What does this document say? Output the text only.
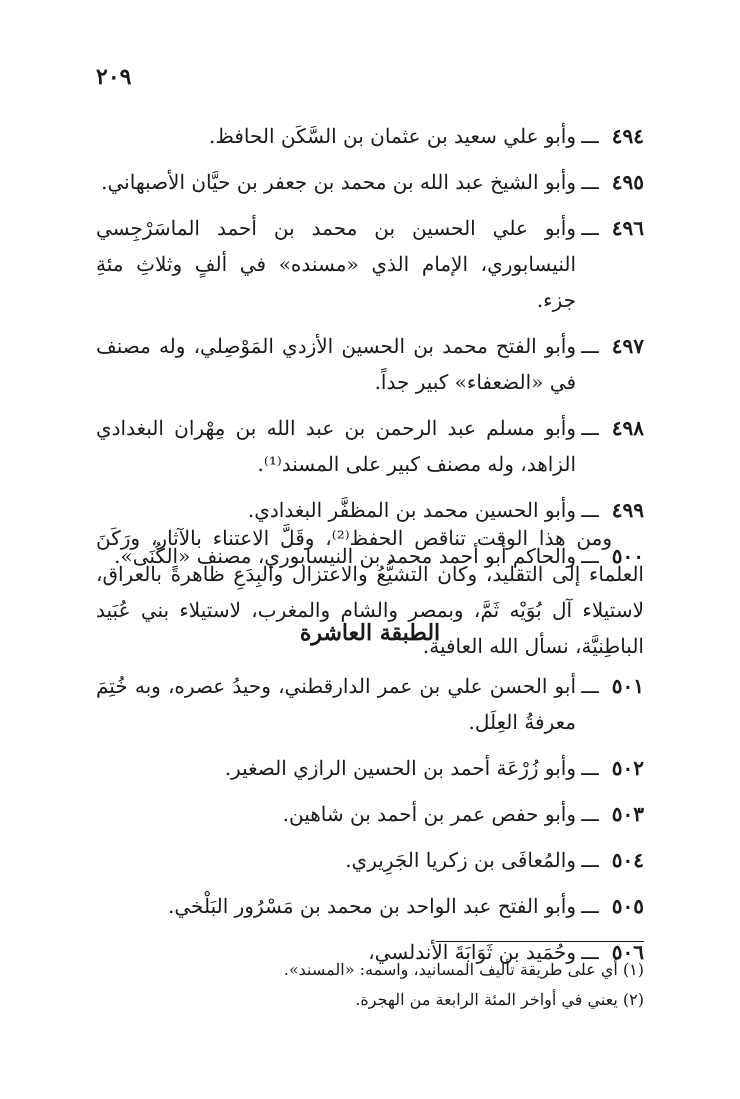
٢٠٩
٤٩٤
ـــ
وأبو علي سعيد بن عثمان بن السَّكَن الحافظ.
٤٩٥
ـــ
وأبو الشيخ عبد الله بن محمد بن جعفر بن حيَّان الأصبهاني.
٤٩٦
ـــ
وأبو علي الحسين بن محمد بن أحمد الماسَرْجِسي النيسابوري، الإمام الذي «مسنده» في ألفٍ وثلاثِ مئةِ جزء.
٤٩٧
ـــ
وأبو الفتح محمد بن الحسين الأزدي المَوْصِلي، وله مصنف في «الضعفاء» كبير جداً.
٤٩٨
ـــ
وأبو مسلم عبد الرحمن بن عبد الله بن مِهْران البغدادي الزاهد، وله مصنف كبير على المسند⁽¹⁾.
٤٩٩
ـــ
وأبو الحسين محمد بن المظفَّر البغدادي.
٥٠٠
ـــ
والحاكم أبو أحمد محمد بن النيسابوري، مصنف «الكُنَى».

ومن هذا الوقت تناقص الحفظ⁽²⁾، وقَلَّ الاعتناء بالآثار، ورَكَنَ العلماء إلى التقليد، وكان التشيُّعُ والاعتزال والبِدَعِ ظاهرةً بالعراق، لاستيلاء آل بُوَيْه ثَمَّ، وبمصر والشام والمغرب، لاستيلاء بني عُبَيد الباطِنيَّة، نسأل الله العافية.

الطبقة العاشرة
٥٠١
ـــ
أبو الحسن علي بن عمر الدارقطني، وحيدُ عصره، وبه خُتِمَ معرفةُ العِلَل.
٥٠٢
ـــ
وأبو زُرْعَة أحمد بن الحسين الرازي الصغير.
٥٠٣
ـــ
وأبو حفص عمر بن أحمد بن شاهين.
٥٠٤
ـــ
والمُعافَى بن زكريا الجَرِيري.
٥٠٥
ـــ
وأبو الفتح عبد الواحد بن محمد بن مَسْرُور البَلْخي.
٥٠٦
ـــ
وحُمَيد بن ثَوَابَةَ الأندلسي،
(١) أي على طريقة تأليف المسانيد، واسمه: «المسند».
(٢) يعني في أواخر المئة الرابعة من الهجرة.
